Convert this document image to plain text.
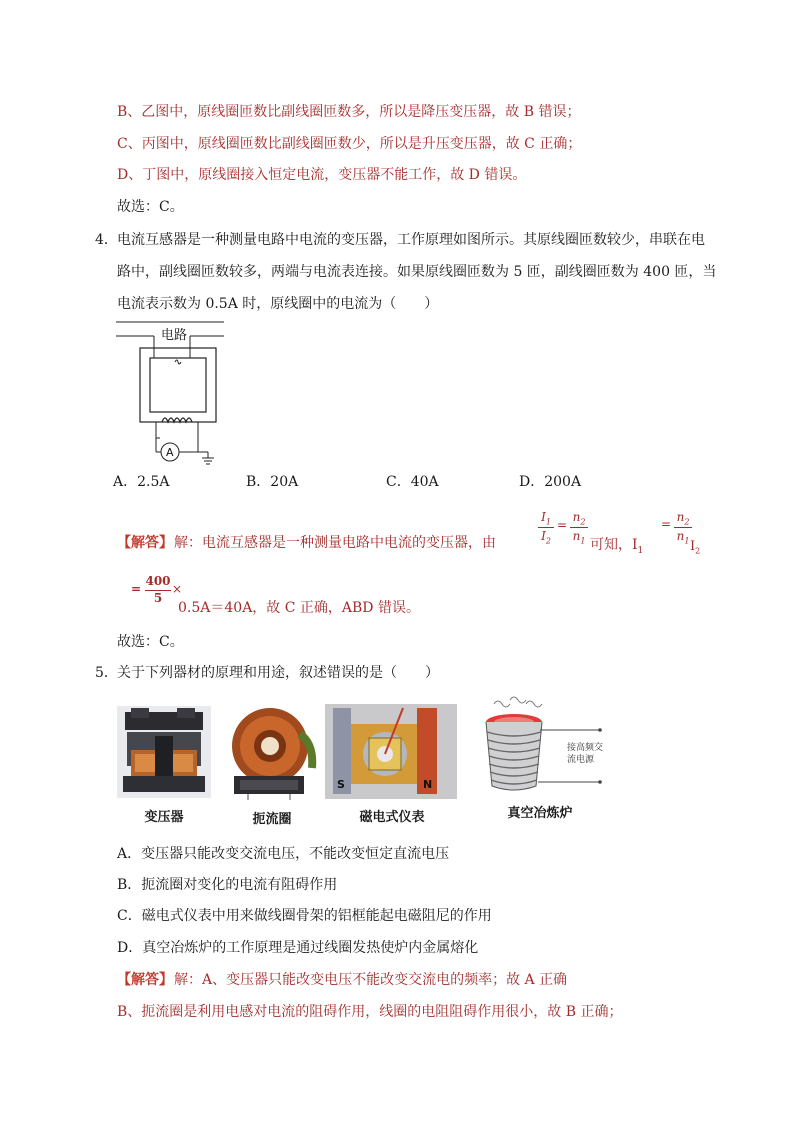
B、乙图中，原线圈匝数比副线圈匝数多，所以是降压变压器，故 B 错误；
C、丙图中，原线圈匝数比副线圈匝数少，所以是升压变压器，故 C 正确；
D、丁图中，原线圈接入恒定电流，变压器不能工作，故 D 错误。
故选：C。
4． 电流互感器是一种测量电路中电流的变压器，工作原理如图所示。其原线圈匝数较少，串联在电
路中，副线圈匝数较多，两端与电流表连接。如果原线圈匝数为 5 匝，副线圈匝数为 400 匝，当
电流表示数为 0.5A 时，原线圈中的电流为（　　）
电路
A
A．2.5A	B．20A	C．40A	D．200A
【解答】 解：电流互感器是一种测量电路中电流的变压器，由
$I_1$
$I_2$
=
$n_2$
$n_1$ 可知，$I_1$
= $n_2$
$n_1$ $I_2$
=
400
5
×
0.5A＝40A，故 C 正确，ABD 错误。
故选：C。
5． 关于下列器材的原理和用途，叙述错误的是（　　）
S	N
接高频交流电源
变压器	扼流圈	磁电式仪表	真空冶炼炉
A．变压器只能改变交流电压，不能改变恒定直流电压
B．扼流圈对变化的电流有阻碍作用
C．磁电式仪表中用来做线圈骨架的铝框能起电磁阻尼的作用
D．真空冶炼炉的工作原理是通过线圈发热使炉内金属熔化
【解答】 解：A、变压器只能改变电压不能改变交流电的频率；故 A 正确
B、扼流圈是利用电感对电流的阻碍作用，线圈的电阻阻碍作用很小，故 B 正确；
